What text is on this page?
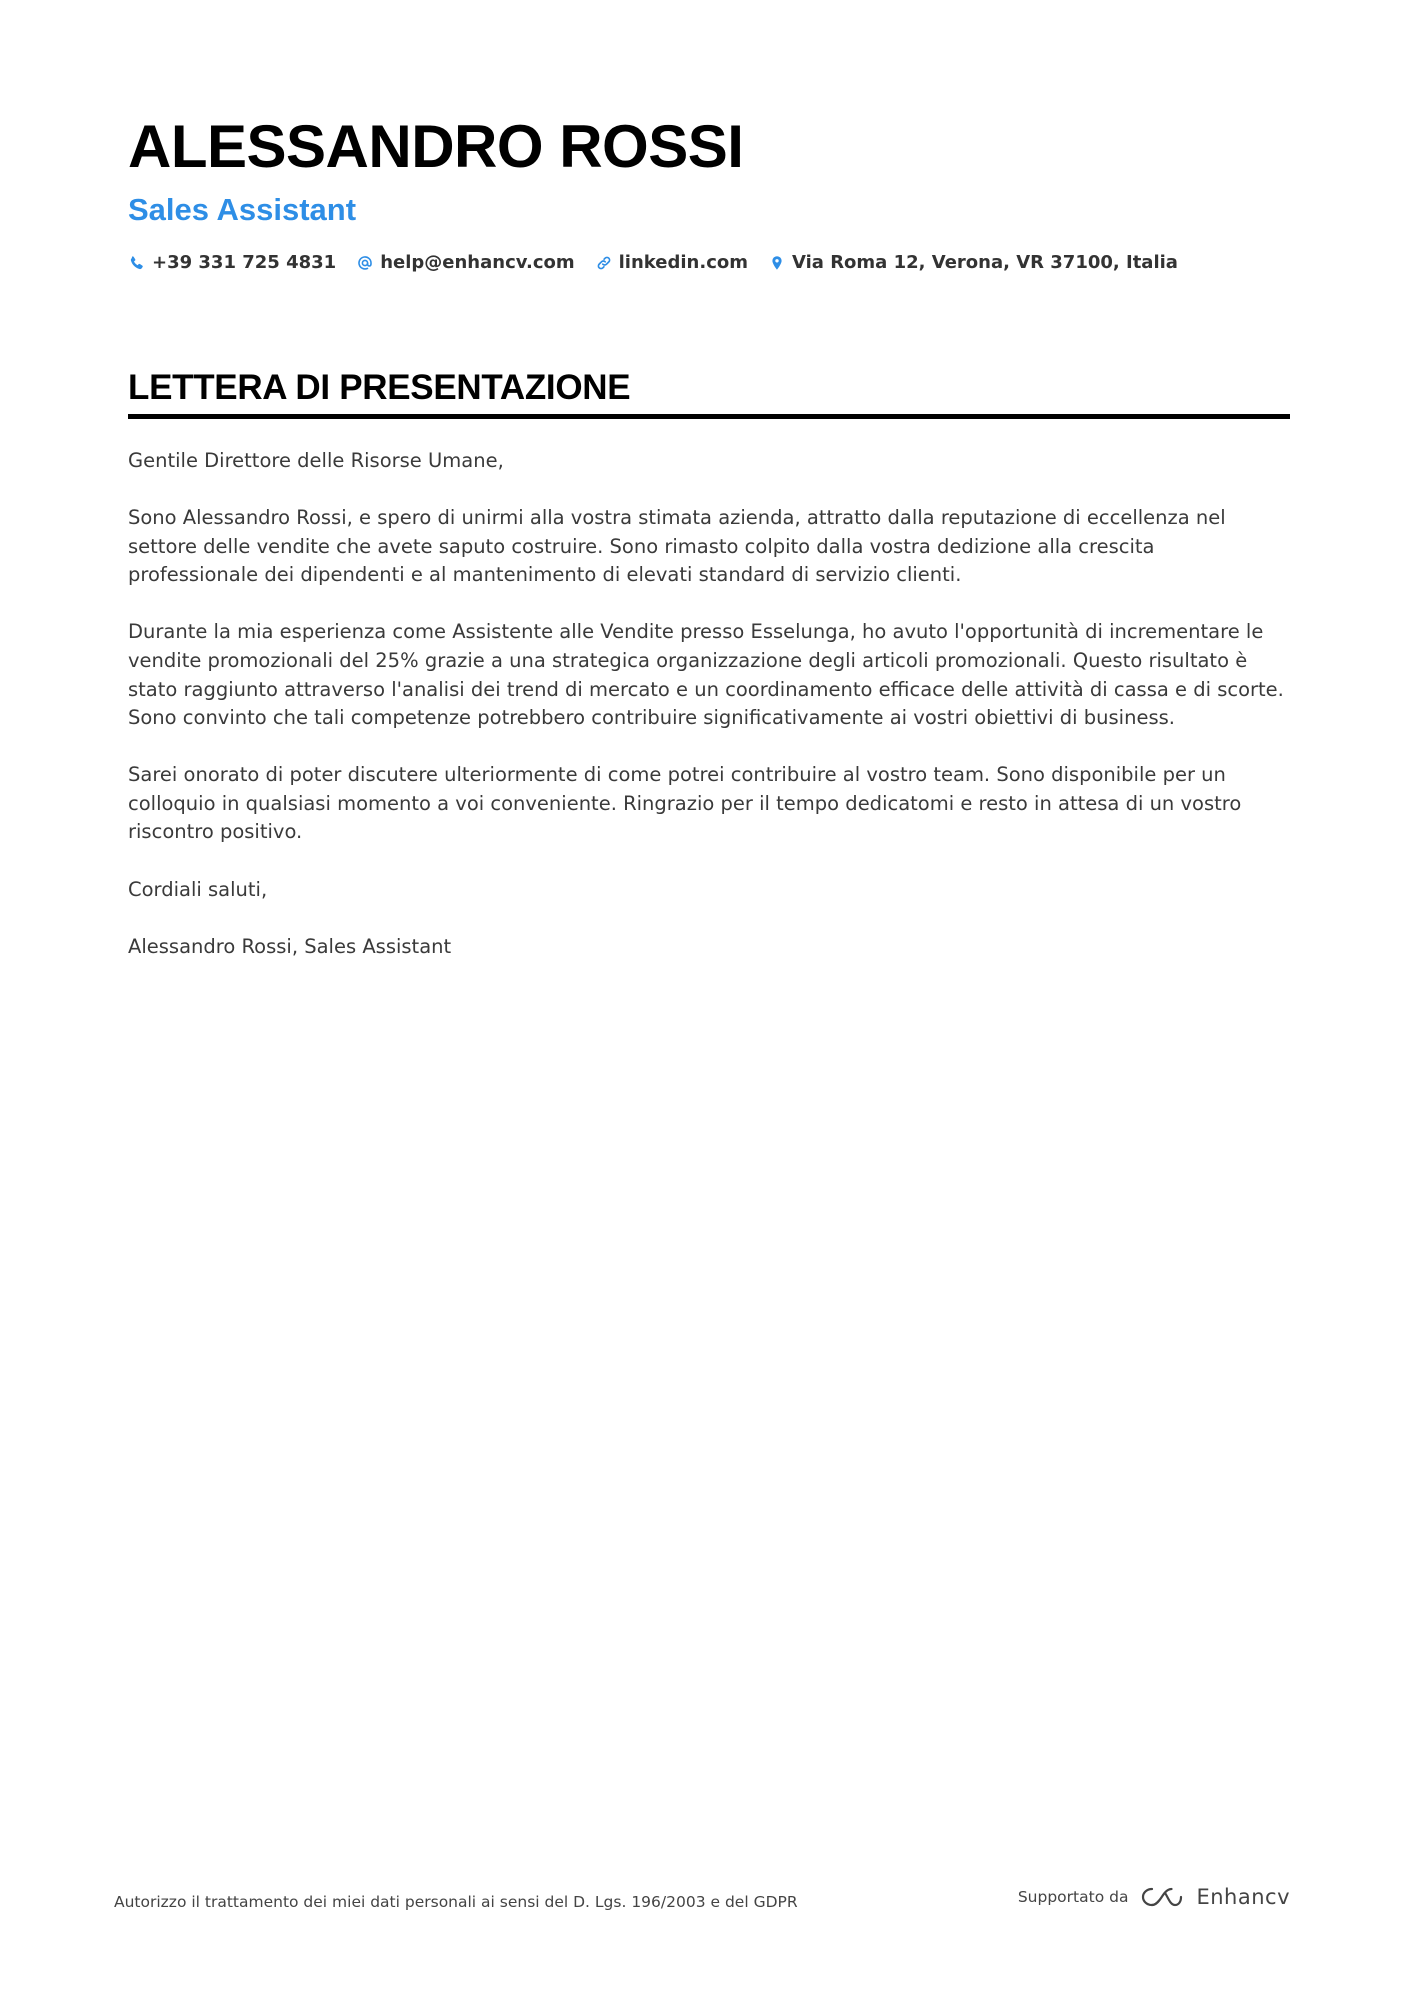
ALESSANDRO ROSSI
Sales Assistant
+39 331 725 4831 help@enhancv.com linkedin.com Via Roma 12, Verona, VR 37100, Italia
LETTERA DI PRESENTAZIONE

Gentile Direttore delle Risorse Umane,

Sono Alessandro Rossi, e spero di unirmi alla vostra stimata azienda, attratto dalla reputazione di eccellenza nel settore delle vendite che avete saputo costruire. Sono rimasto colpito dalla vostra dedizione alla crescita professionale dei dipendenti e al mantenimento di elevati standard di servizio clienti.

Durante la mia esperienza come Assistente alle Vendite presso Esselunga, ho avuto l'opportunità di incrementare le vendite promozionali del 25% grazie a una strategica organizzazione degli articoli promozionali. Questo risultato è stato raggiunto attraverso l'analisi dei trend di mercato e un coordinamento efficace delle attività di cassa e di scorte. Sono convinto che tali competenze potrebbero contribuire significativamente ai vostri obiettivi di business.

Sarei onorato di poter discutere ulteriormente di come potrei contribuire al vostro team. Sono disponibile per un colloquio in qualsiasi momento a voi conveniente. Ringrazio per il tempo dedicatomi e resto in attesa di un vostro riscontro positivo.

Cordiali saluti,

Alessandro Rossi, Sales Assistant

Autorizzo il trattamento dei miei dati personali ai sensi del D. Lgs. 196/2003 e del GDPR	Supportato da	Enhancv
